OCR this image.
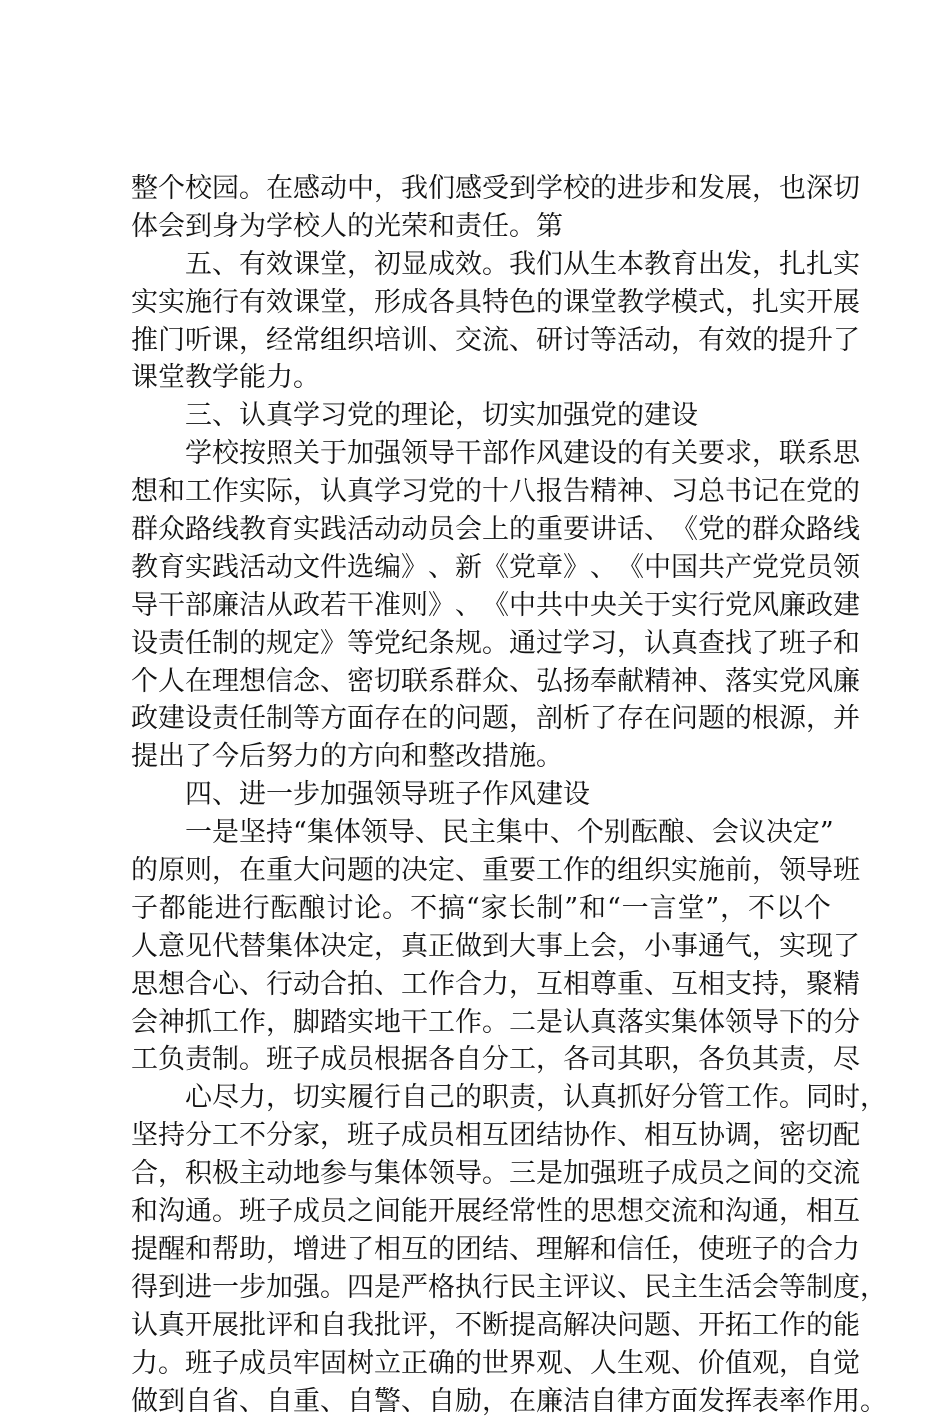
整 个 校 园 。 在 感 动 中 ， 我 们 感 受 到 学 校 的 进 步 和 发 展 ， 也 深 切
体会到身为学校人的光荣和责任。第
五 、 有 效 课 堂 ， 初 显 成 效 。 我 们 从 生 本 教 育 出 发 ， 扎 扎 实
实 实 施 行 有 效 课 堂 ， 形 成 各 具 特 色 的 课 堂 教 学 模 式 ， 扎 实 开 展
推 门 听 课 ， 经 常 组 织 培 训 、 交 流 、 研 讨 等 活 动 ， 有 效 的 提 升 了
课堂教学能力。
三、认真学习党的理论，切实加强党的建设
学 校 按 照 关 于 加 强 领 导 干 部 作 风 建 设 的 有 关 要 求 ， 联 系 思
想 和 工 作 实 际 ， 认 真 学 习 党 的 十 八 报 告 精 神 、 习 总 书 记 在 党 的
群 众 路 线 教 育 实 践 活 动 动 员 会 上 的 重 要 讲 话 、 《 党 的 群 众 路 线
教 育 实 践 活 动 文 件 选 编 》 、 新 《 党 章 》 、 《 中 国 共 产 党 党 员 领
导 干 部 廉 洁 从 政 若 干 准 则 》 、 《 中 共 中 央 关 于 实 行 党 风 廉 政 建
设 责 任 制 的 规 定 》 等 党 纪 条 规 。 通 过 学 习 ， 认 真 查 找 了 班 子 和
个 人 在 理 想 信 念 、 密 切 联 系 群 众 、 弘 扬 奉 献 精 神 、 落 实 党 风 廉
政 建 设 责 任 制 等 方 面 存 在 的 问 题 ， 剖 析 了 存 在 问 题 的 根 源 ， 并
提出了今后努力的方向和整改措施。
四、进一步加强领导班子作风建设
一 是 坚 持 “ 集 体 领 导 、 民 主 集 中 、 个 别 酝 酿 、 会 议 决 定 ”
的 原 则 ， 在 重 大 问 题 的 决 定 、 重 要 工 作 的 组 织 实 施 前 ， 领 导 班
子 都 能 进 行 酝 酿 讨 论 。 不 搞 “ 家 长 制 ” 和 “ 一 言 堂 ” ， 不 以 个
人 意 见 代 替 集 体 决 定 ， 真 正 做 到 大 事 上 会 ， 小 事 通 气 ， 实 现 了
思 想 合 心 、 行 动 合 拍 、 工 作 合 力 ， 互 相 尊 重 、 互 相 支 持 ， 聚 精
会 神 抓 工 作 ， 脚 踏 实 地 干 工 作 。 二 是 认 真 落 实 集 体 领 导 下 的 分
工负责制。班子成员根据各自分工，各司其职，各负其责，尽
心 尽 力 ， 切 实 履 行 自 己 的 职 责 ， 认 真 抓 好 分 管 工 作 。 同 时 ，
坚 持 分 工 不 分 家 ， 班 子 成 员 相 互 团 结 协 作 、 相 互 协 调 ， 密 切 配
合 ， 积 极 主 动 地 参 与 集 体 领 导 。 三 是 加 强 班 子 成 员 之 间 的 交 流
和 沟 通 。 班 子 成 员 之 间 能 开 展 经 常 性 的 思 想 交 流 和 沟 通 ， 相 互
提 醒 和 帮 助 ， 增 进 了 相 互 的 团 结 、 理 解 和 信 任 ， 使 班 子 的 合 力
得 到 进 一 步 加 强 。 四 是 严 格 执 行 民 主 评 议 、 民 主 生 活 会 等 制 度 ，
认 真 开 展 批 评 和 自 我 批 评 ， 不 断 提 高 解 决 问 题 、 开 拓 工 作 的 能
力 。 班 子 成 员 牢 固 树 立 正 确 的 世 界 观 、 人 生 观 、 价 值 观 ， 自 觉
做 到 自 省 、 自 重 、 自 警 、 自 励 ， 在 廉 洁 自 律 方 面 发 挥 表 率 作 用 。
